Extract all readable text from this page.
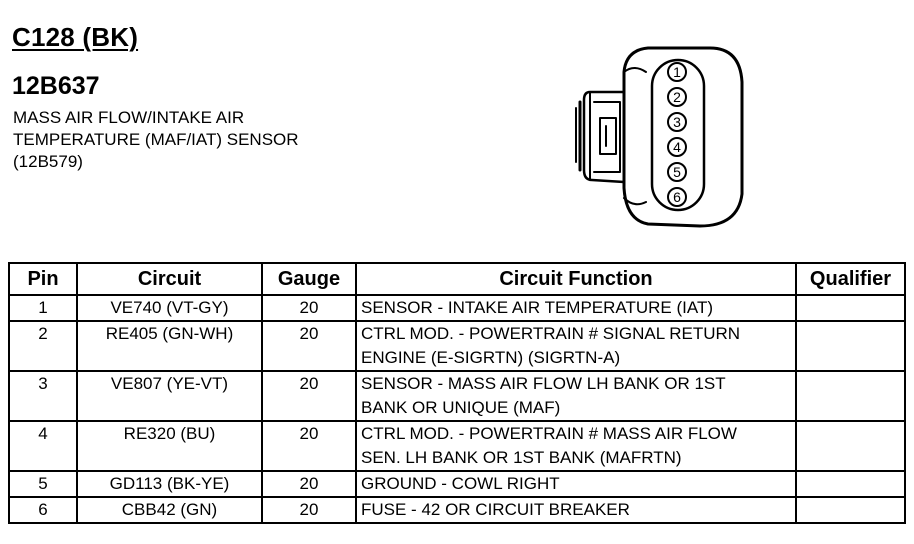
C128 (BK)
12B637
MASS AIR FLOW/INTAKE AIR
TEMPERATURE (MAF/IAT) SENSOR
(12B579)
1
2
3
4
5
6
Pin	Circuit	Gauge	Circuit Function	Qualifier
1	VE740 (VT-GY)	20	SENSOR - INTAKE AIR TEMPERATURE (IAT)	

2	RE405 (GN-WH)	20	CTRL MOD. - POWERTRAIN # SIGNAL RETURN
ENGINE (E-SIGRTN) (SIGRTN-A)	

3	VE807 (YE-VT)	20	SENSOR - MASS AIR FLOW LH BANK OR 1ST
BANK OR UNIQUE (MAF)	

4	RE320 (BU)	20	CTRL MOD. - POWERTRAIN # MASS AIR FLOW
SEN. LH BANK OR 1ST BANK (MAFRTN)	

5	GD113 (BK-YE)	20	GROUND - COWL RIGHT	

6	CBB42 (GN)	20	FUSE - 42 OR CIRCUIT BREAKER	
